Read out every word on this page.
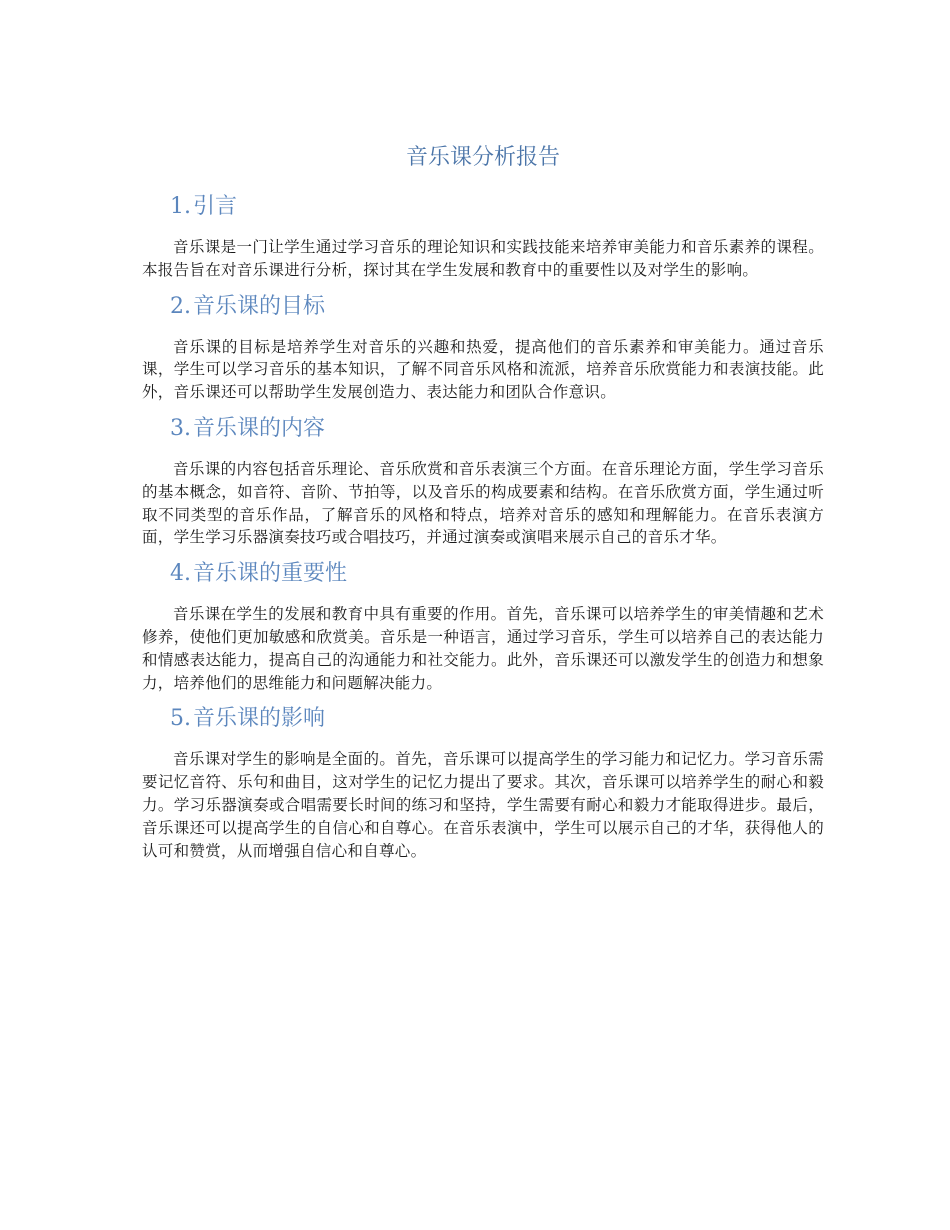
音乐课分析报告
1.引言

音乐课是一门让学生通过学习音乐的理论知识和实践技能来培养审美能力和音乐素养的课程。本报告旨在对音乐课进行分析，探讨其在学生发展和教育中的重要性以及对学生的影响。

2.音乐课的目标

音乐课的目标是培养学生对音乐的兴趣和热爱，提高他们的音乐素养和审美能力。通过音乐课，学生可以学习音乐的基本知识，了解不同音乐风格和流派，培养音乐欣赏能力和表演技能。此外，音乐课还可以帮助学生发展创造力、表达能力和团队合作意识。

3.音乐课的内容

音乐课的内容包括音乐理论、音乐欣赏和音乐表演三个方面。在音乐理论方面，学生学习音乐的基本概念，如音符、音阶、节拍等，以及音乐的构成要素和结构。在音乐欣赏方面，学生通过听取不同类型的音乐作品，了解音乐的风格和特点，培养对音乐的感知和理解能力。在音乐表演方面，学生学习乐器演奏技巧或合唱技巧，并通过演奏或演唱来展示自己的音乐才华。

4.音乐课的重要性

音乐课在学生的发展和教育中具有重要的作用。首先，音乐课可以培养学生的审美情趣和艺术修养，使他们更加敏感和欣赏美。音乐是一种语言，通过学习音乐，学生可以培养自己的表达能力和情感表达能力，提高自己的沟通能力和社交能力。此外，音乐课还可以激发学生的创造力和想象力，培养他们的思维能力和问题解决能力。

5.音乐课的影响

音乐课对学生的影响是全面的。首先，音乐课可以提高学生的学习能力和记忆力。学习音乐需要记忆音符、乐句和曲目，这对学生的记忆力提出了要求。其次，音乐课可以培养学生的耐心和毅力。学习乐器演奏或合唱需要长时间的练习和坚持，学生需要有耐心和毅力才能取得进步。最后，音乐课还可以提高学生的自信心和自尊心。在音乐表演中，学生可以展示自己的才华，获得他人的认可和赞赏，从而增强自信心和自尊心。
